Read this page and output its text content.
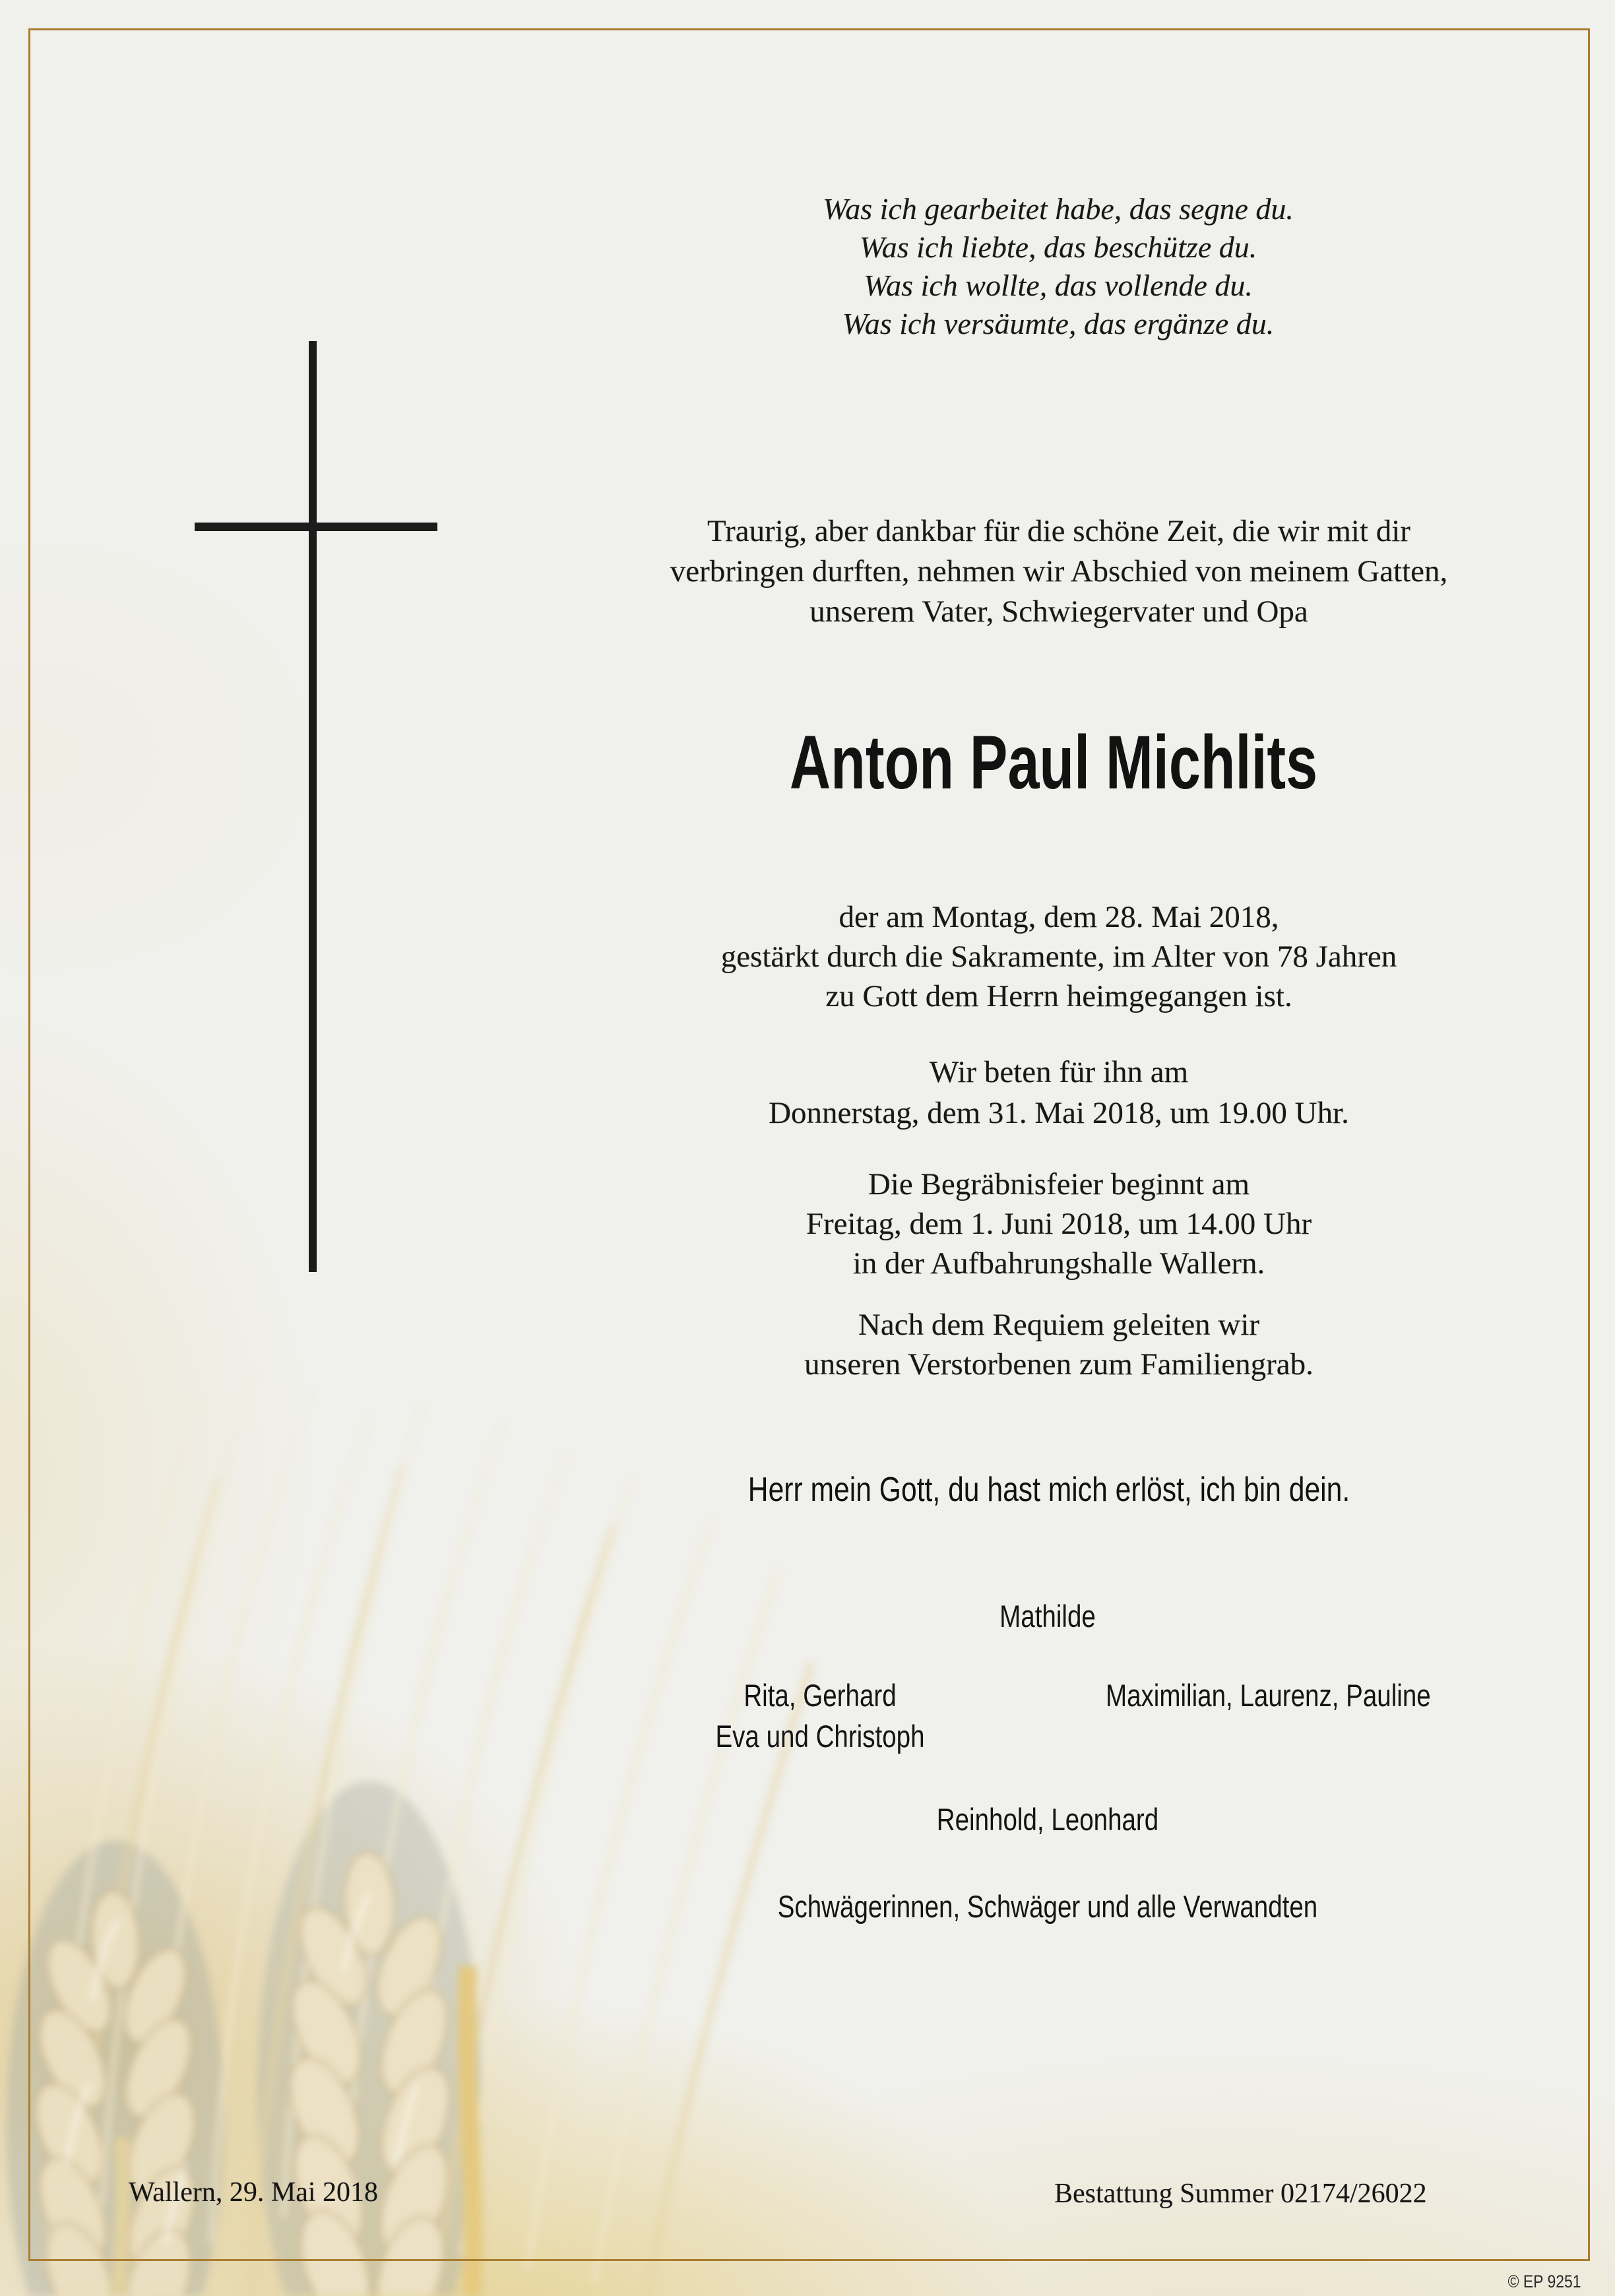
Was ich gearbeitet habe, das segne du.
Was ich liebte, das beschütze du.
Was ich wollte, das vollende du.
Was ich versäumte, das ergänze du.
Traurig, aber dankbar für die schöne Zeit, die wir mit dir
verbringen durften, nehmen wir Abschied von meinem Gatten,
unserem Vater, Schwiegervater und Opa
Anton Paul Michlits
der am Montag, dem 28. Mai 2018,
gestärkt durch die Sakramente, im Alter von 78 Jahren
zu Gott dem Herrn heimgegangen ist.
Wir beten für ihn am
Donnerstag, dem 31. Mai 2018, um 19.00 Uhr.
Die Begräbnisfeier beginnt am
Freitag, dem 1. Juni 2018, um 14.00 Uhr
in der Aufbahrungshalle Wallern.
Nach dem Requiem geleiten wir
unseren Verstorbenen zum Familiengrab.
Herr mein Gott, du hast mich erlöst, ich bin dein.
Mathilde
Rita, Gerhard	Maximilian, Laurenz, Pauline
Eva und Christoph
Reinhold, Leonhard
Schwägerinnen, Schwäger und alle Verwandten
Wallern, 29. Mai 2018	Bestattung Summer 02174/26022
© EP 9251
